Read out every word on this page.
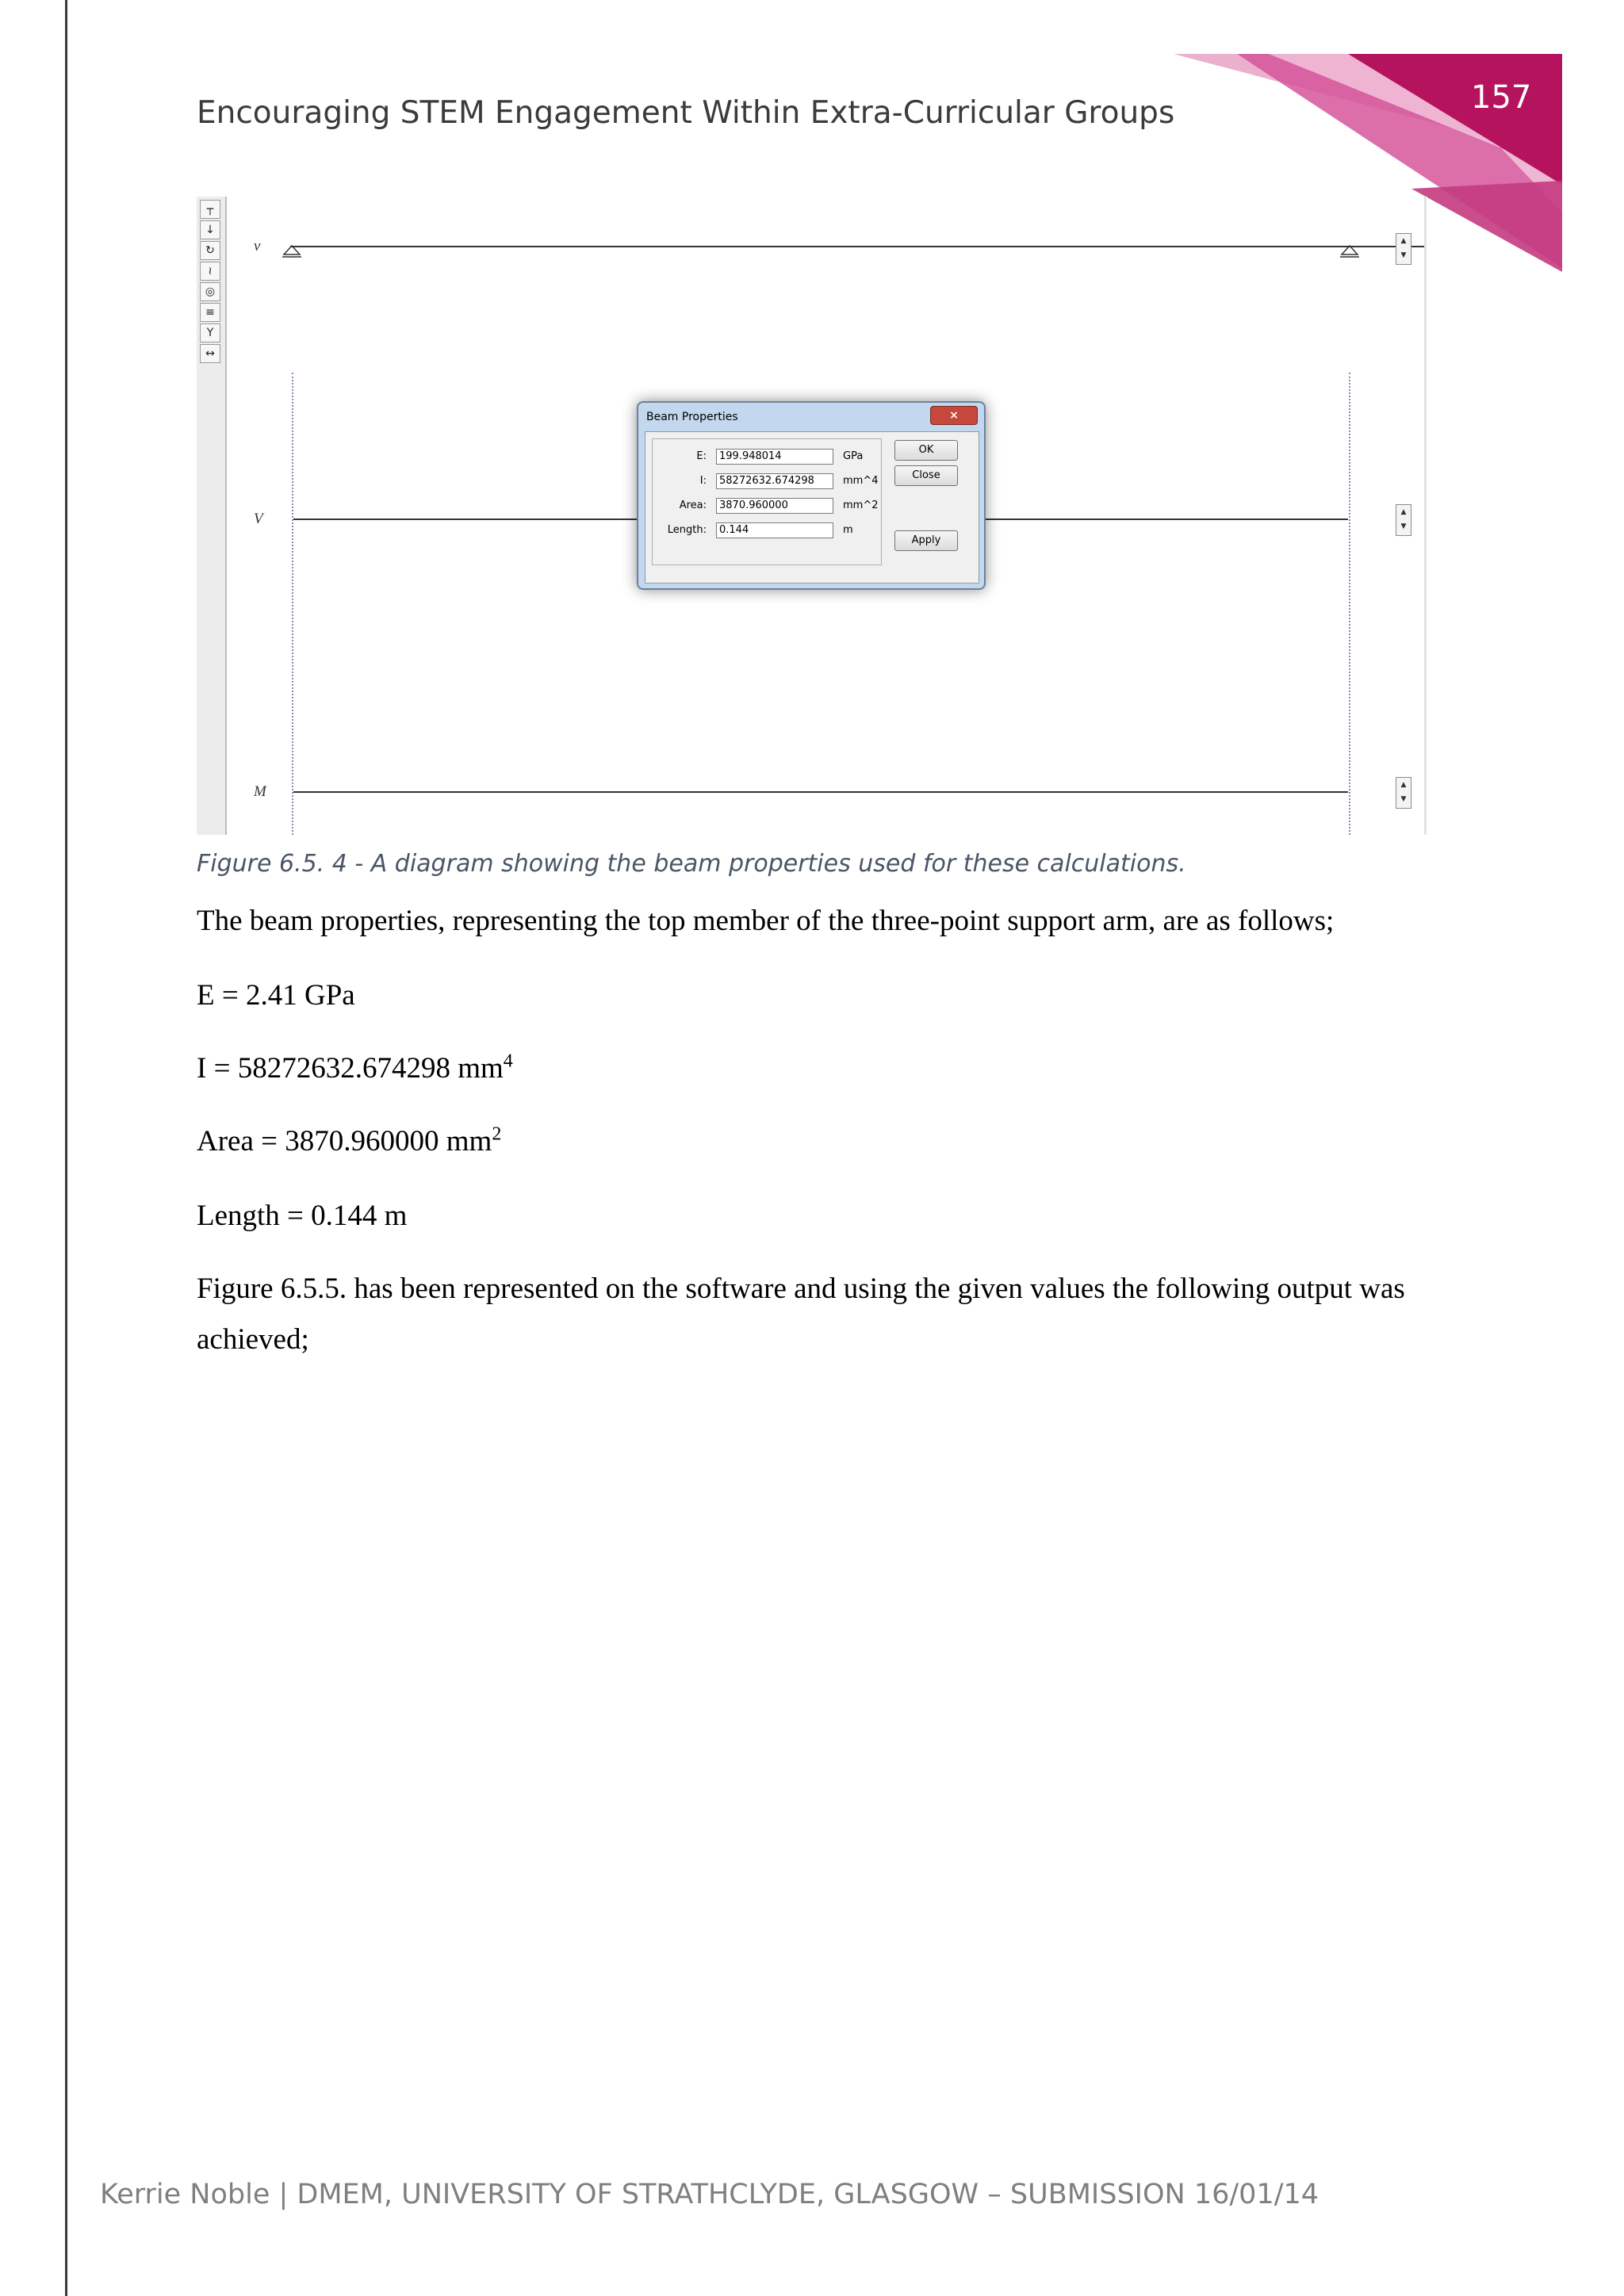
157
Encouraging STEM Engagement Within Extra-Curricular Groups
┬
↓
↻
≀
◎
≡
Y
↔
v
V
M
▲
▼
▲
▼
▲
▼
Beam Properties	×
E:	199.948014	GPa
I:	58272632.674298	mm^4
Area:	3870.960000	mm^2
Length:	0.144	m
OK
Close
Apply
Figure 6.5. 4 - A diagram showing the beam properties used for these calculations.
The beam properties, representing the top member of the three-point support arm, are as follows;
E = 2.41 GPa
I = 58272632.674298 $mm^4$
Area = 3870.960000 $mm^2$
Length = 0.144 m
Figure 6.5.5. has been represented on the software and using the given values the following output was
achieved;
Kerrie Noble | DMEM, UNIVERSITY OF STRATHCLYDE, GLASGOW – SUBMISSION 16/01/14
